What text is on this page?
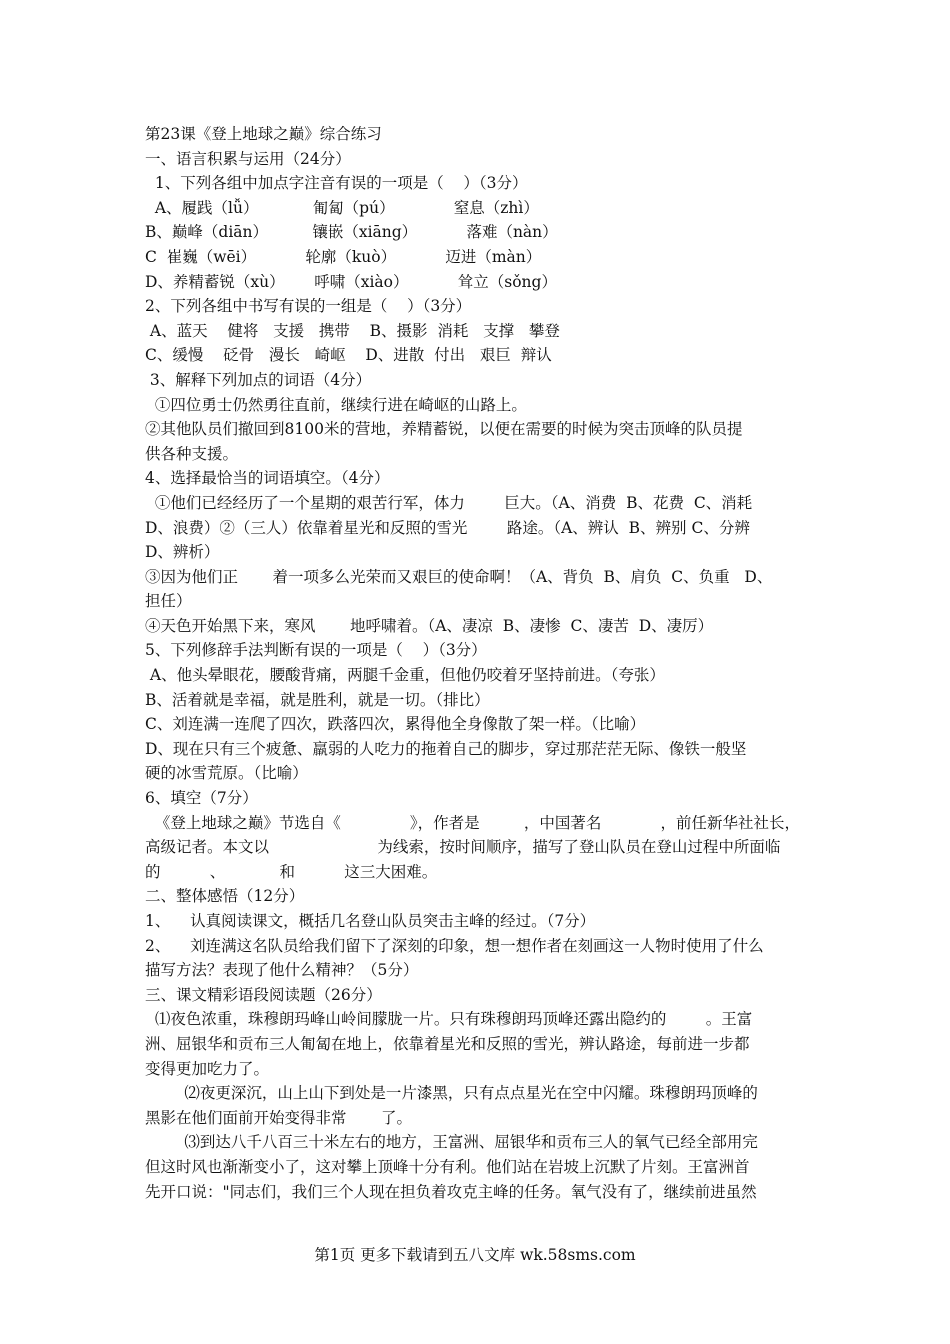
第23课《登上地球之巅》综合练习
一、语言积累与运用（24分）
1、下列各组中加点字注音有误的一项是（    ）（3分）
A、履践（lǚ）           匍匐（pú）            窒息（zhì）
B、巅峰（diān）         镶嵌（xiāng）          落难（nàn）
C  崔巍（wēi）          轮廓（kuò）          迈进（màn）
D、养精蓄锐（xù）      呼啸（xiào）          耸立（sǒng）
2、下列各组中书写有误的一组是（    ）（3分）
A、蓝天    健将   支援   携带    B、摄影  消耗   支撑   攀登
C、缓慢    砭骨   漫长   崎岖    D、进散  付出   艰巨  辩认
3、解释下列加点的词语（4分）
①四位勇士仍然勇往直前，继续行进在崎岖的山路上。
②其他队员们撤回到8100米的营地，养精蓄锐，以便在需要的时候为突击顶峰的队员提
供各种支援。
4、选择最恰当的词语填空。（4分）
①他们已经经历了一个星期的艰苦行军，体力        巨大。（A、消费  B、花费  C、消耗
D、浪费）②（三人）依靠着星光和反照的雪光        路途。（A、辨认  B、辨别 C、分辨
D、辨析）
③因为他们正       着一项多么光荣而又艰巨的使命啊！（A、背负  B、肩负  C、负重   D、
担任）
④天色开始黑下来，寒风       地呼啸着。（A、凄凉  B、凄惨  C、凄苦  D、凄厉）
5、下列修辞手法判断有误的一项是（    ）（3分）
A、他头晕眼花，腰酸背痛，两腿千金重，但他仍咬着牙坚持前进。（夸张）
B、活着就是幸福，就是胜利，就是一切。（排比）
C、刘连满一连爬了四次，跌落四次，累得他全身像散了架一样。（比喻）
D、现在只有三个疲惫、羸弱的人吃力的拖着自己的脚步，穿过那茫茫无际、像铁一般坚
硬的冰雪荒原。（比喻）
6、填空（7分）
《登上地球之巅》节选自《              》，作者是         ，中国著名            ，前任新华社社长，
高级记者。本文以                      为线索，按时间顺序，描写了登山队员在登山过程中所面临
的          、           和          这三大困难。
二、整体感悟（12分）
1、    认真阅读课文，概括几名登山队员突击主峰的经过。（7分）
2、    刘连满这名队员给我们留下了深刻的印象，想一想作者在刻画这一人物时使用了什么
描写方法？表现了他什么精神？（5分）
三、课文精彩语段阅读题（26分）
⑴夜色浓重，珠穆朗玛峰山岭间朦胧一片。只有珠穆朗玛顶峰还露出隐约的        。王富
洲、屈银华和贡布三人匍匐在地上，依靠着星光和反照的雪光，辨认路途，每前进一步都
变得更加吃力了。
⑵夜更深沉，山上山下到处是一片漆黑，只有点点星光在空中闪耀。珠穆朗玛顶峰的
黑影在他们面前开始变得非常       了。
⑶到达八千八百三十米左右的地方，王富洲、屈银华和贡布三人的氧气已经全部用完
但这时风也渐渐变小了，这对攀上顶峰十分有利。他们站在岩坡上沉默了片刻。王富洲首
先开口说："同志们，我们三个人现在担负着攻克主峰的任务。氧气没有了，继续前进虽然
第1页 更多下载请到五八文库 wk.58sms.com
